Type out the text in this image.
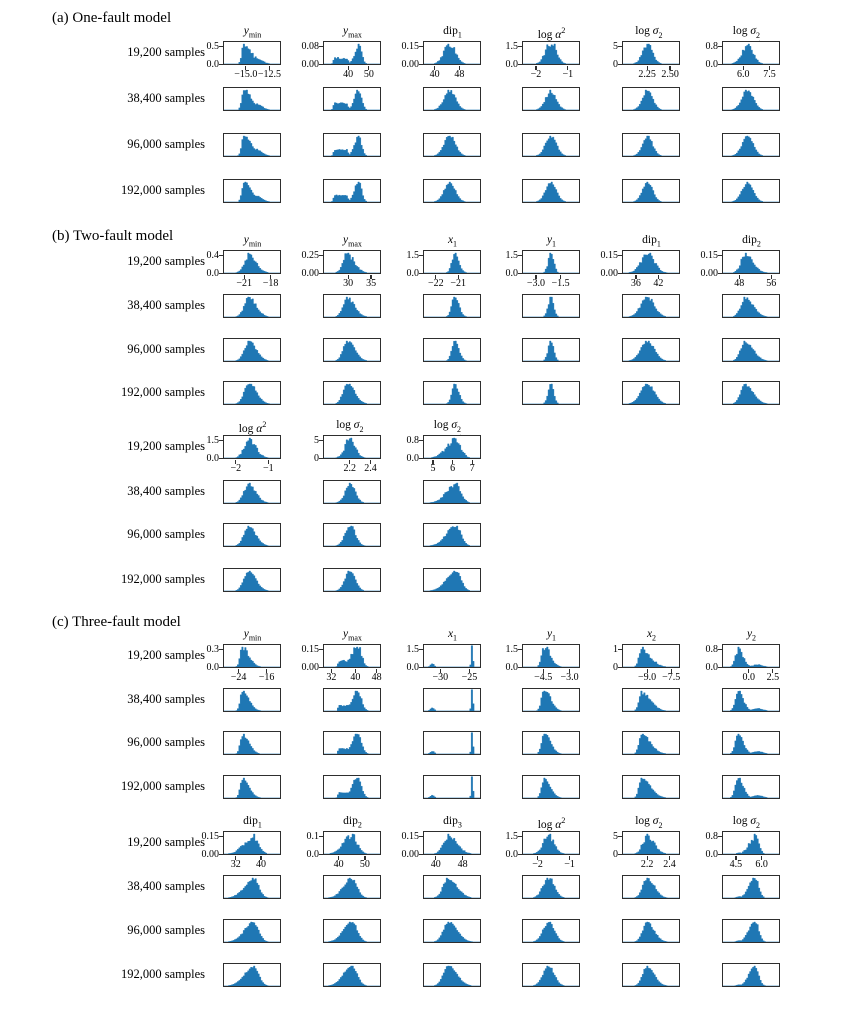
(a) One-fault model
(b) Two-fault model
(c) Three-fault model
19,200 samples
38,400 samples
96,000 samples
192,000 samples
$y_{min}$
0.5
0.0
−15.0 −12.5
$y_{max}$
0.08
0.00
40	50
dip$_1$
0.15
0.00
40	48
$\log \alpha^2$
1.5
0.0
−2	−1
log σ 2
5
0
2.25 2.50
log σ 2
0.8
0.0
6.0	7.5
19,200 samples
38,400 samples
96,000 samples
192,000 samples
$y_{min}$
0.4
0.0
−21	−18
$y_{max}$
0.25
0.00
30	35
$x_1$
1.5
0.0
−22 −21
$y_1$
1.5
0.0
−3.0 −1.5
dip$_1$
0.15
0.00
36	42
dip$_2$
0.15
0.00
48	56
19,200 samples
38,400 samples
96,000 samples
192,000 samples
$\log \alpha^2$
1.5
0.0
−2	−1
log σ 2
5
0
2.2 2.4
log σ 2
0.8
0.0
5	6	7
19,200 samples
38,400 samples
96,000 samples
192,000 samples
$y_{min}$
0.3
0.0
−24	−16
$y_{max}$
0.15
0.00
32	40	48
$x_1$
1.5
0.0
−30	−25
$y_1$
1.5
0.0
−4.5 −3.0
$x_2$
1
0
−9.0 −7.5
$y_2$
0.8
0.0
0.0	2.5
19,200 samples
38,400 samples
96,000 samples
192,000 samples
dip$_1$
0.15
0.00
32	40
dip$_2$
0.1
0.0
40	50
dip$_3$
0.15
0.00
40	48
$\log \alpha^2$
1.5
0.0
−2	−1
log σ 2
5
0
2.2 2.4
log σ 2
0.8
0.0
4.5	6.0
